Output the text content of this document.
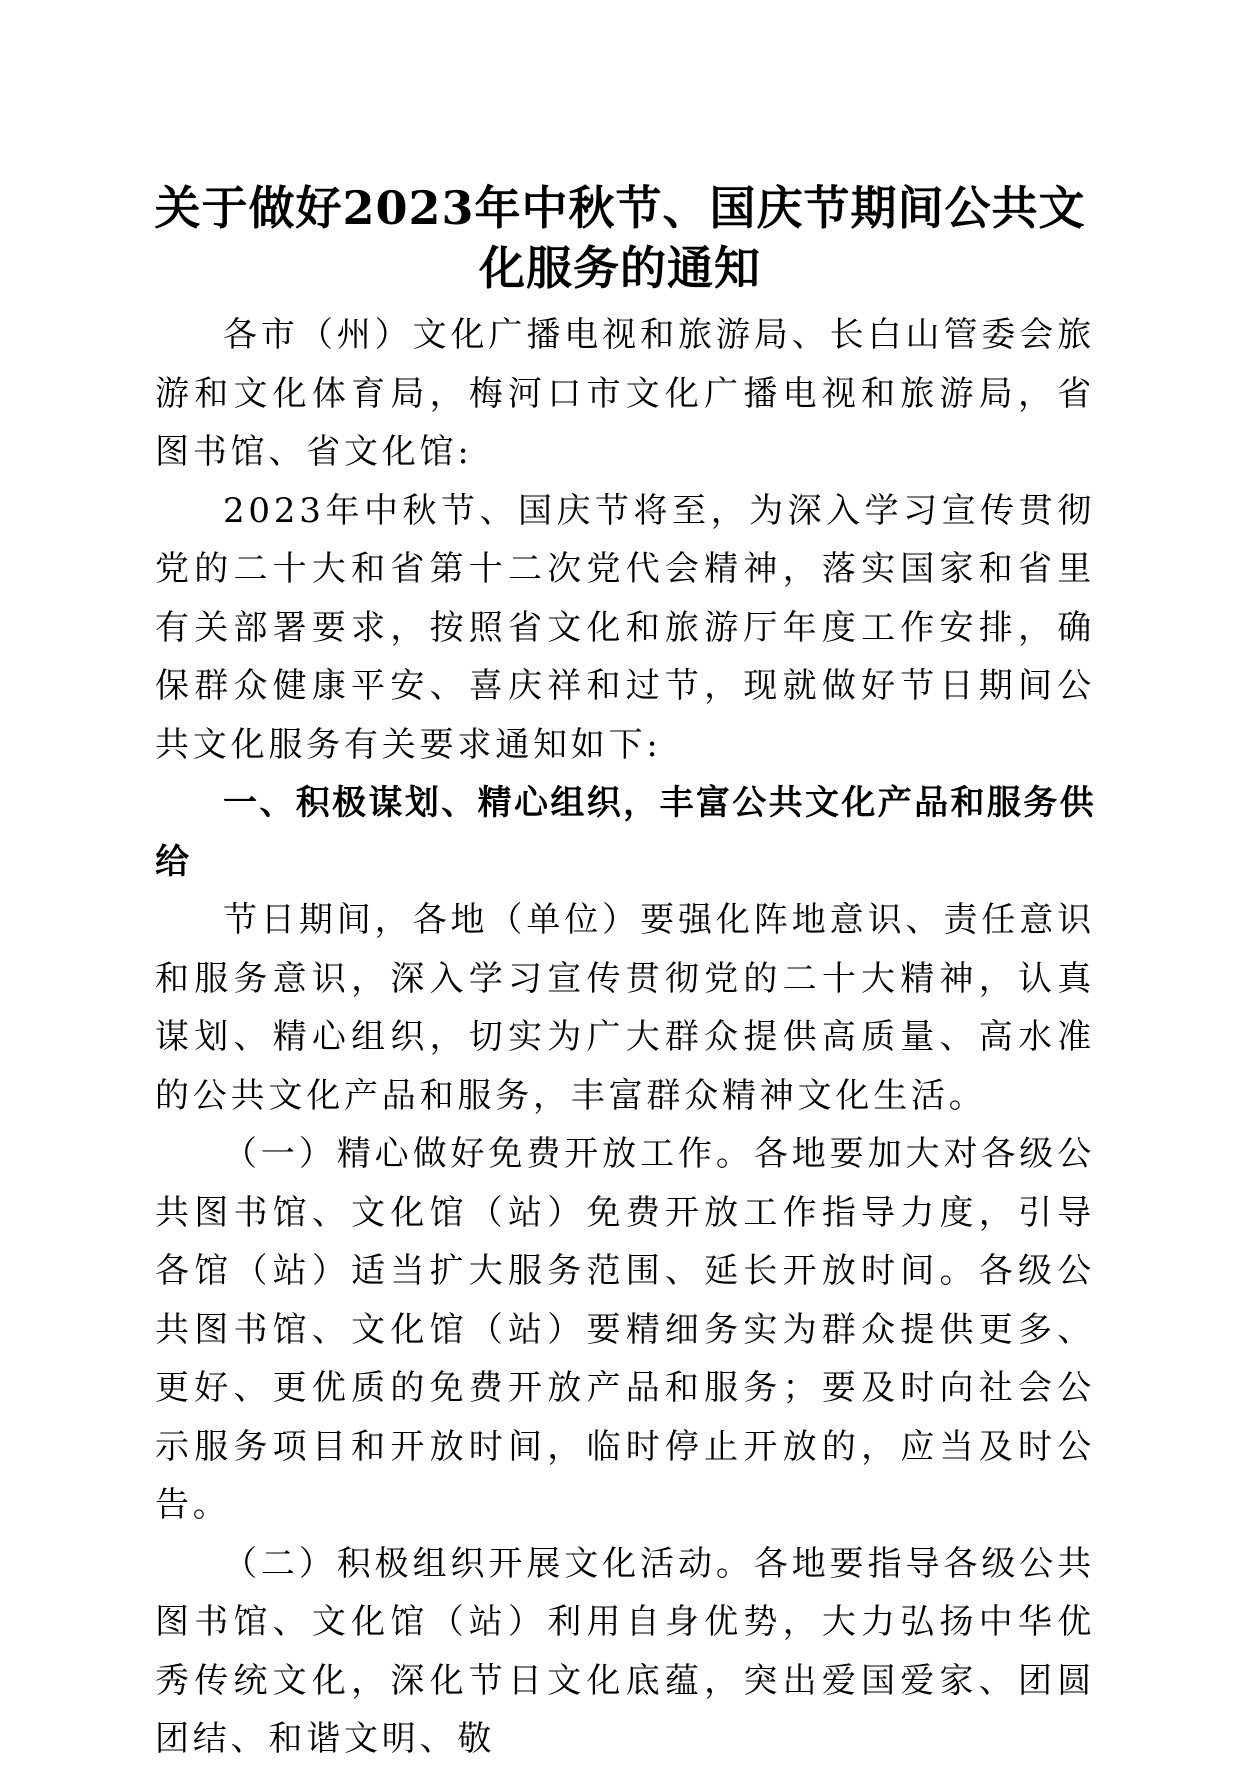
关于做好2023年中秋节、国庆节期间公共文化服务的通知

各市（州）文化广播电视和旅游局、长白山管委会旅游和文化体育局，梅河口市文化广播电视和旅游局，省图书馆、省文化馆:

2023年中秋节、国庆节将至，为深入学习宣传贯彻党的二十大和省第十二次党代会精神，落实国家和省里有关部署要求，按照省文化和旅游厅年度工作安排，确保群众健康平安、喜庆祥和过节，现就做好节日期间公共文化服务有关要求通知如下:

一、积极谋划、精心组织，丰富公共文化产品和服务供给

节日期间，各地（单位）要强化阵地意识、责任意识和服务意识，深入学习宣传贯彻党的二十大精神，认真谋划、精心组织，切实为广大群众提供高质量、高水准的公共文化产品和服务，丰富群众精神文化生活。

（一）精心做好免费开放工作。各地要加大对各级公共图书馆、文化馆（站）免费开放工作指导力度，引导各馆（站）适当扩大服务范围、延长开放时间。各级公共图书馆、文化馆（站）要精细务实为群众提供更多、更好、更优质的免费开放产品和服务；要及时向社会公示服务项目和开放时间，临时停止开放的，应当及时公告。

（二）积极组织开展文化活动。各地要指导各级公共图书馆、文化馆（站）利用自身优势，大力弘扬中华优秀传统文化，深化节日文化底蕴，突出爱国爱家、团圆团结、和谐文明、敬
